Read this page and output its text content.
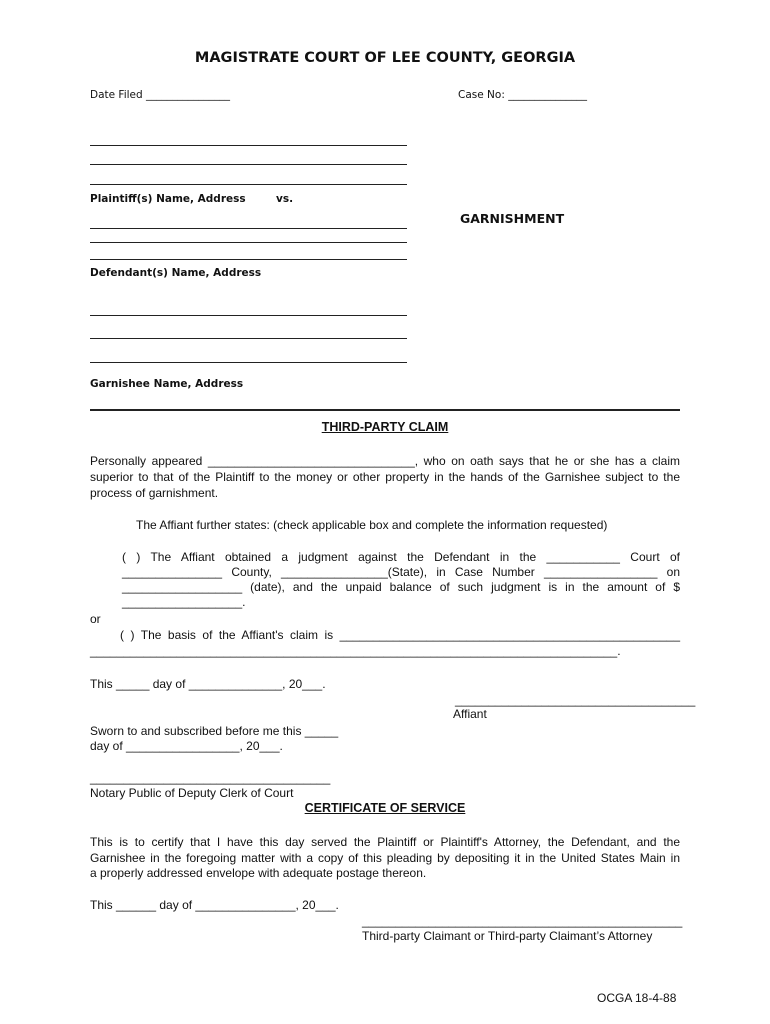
MAGISTRATE COURT OF LEE COUNTY, GEORGIA
Date Filed ________________	Case No: _______________
Plaintiff(s) Name, Address	vs.
GARNISHMENT
Defendant(s) Name, Address
Garnishee Name, Address
THIRD-PARTY CLAIM
Personally appeared _______________________________, who on oath says that he or she has a claim
superior to that of the Plaintiff to the money or other property in the hands of the Garnishee subject to the
process of garnishment.
The Affiant further states: (check applicable box and complete the information requested)
( ) The Affiant obtained a judgment against the Defendant in the ___________ Court of
_______________ County, ________________(State), in Case Number _________________ on
__________________ (date), and the unpaid balance of such judgment is in the amount of $
__________________.
or
( ) The basis of the Affiant's claim is ___________________________________________________
_______________________________________________________________________________.
This _____ day of ______________, 20___.
____________________________________
Affiant
Sworn to and subscribed before me this _____
day of _________________, 20___.
____________________________________
Notary Public of Deputy Clerk of Court
CERTIFICATE OF SERVICE
This is to certify that I have this day served the Plaintiff or Plaintiff's Attorney, the Defendant, and the
Garnishee in the foregoing matter with a copy of this pleading by depositing it in the United States Main in
a properly addressed envelope with adequate postage thereon.
This ______ day of _______________, 20___.
________________________________________________
Third-party Claimant or Third-party Claimant’s Attorney
OCGA 18-4-88
